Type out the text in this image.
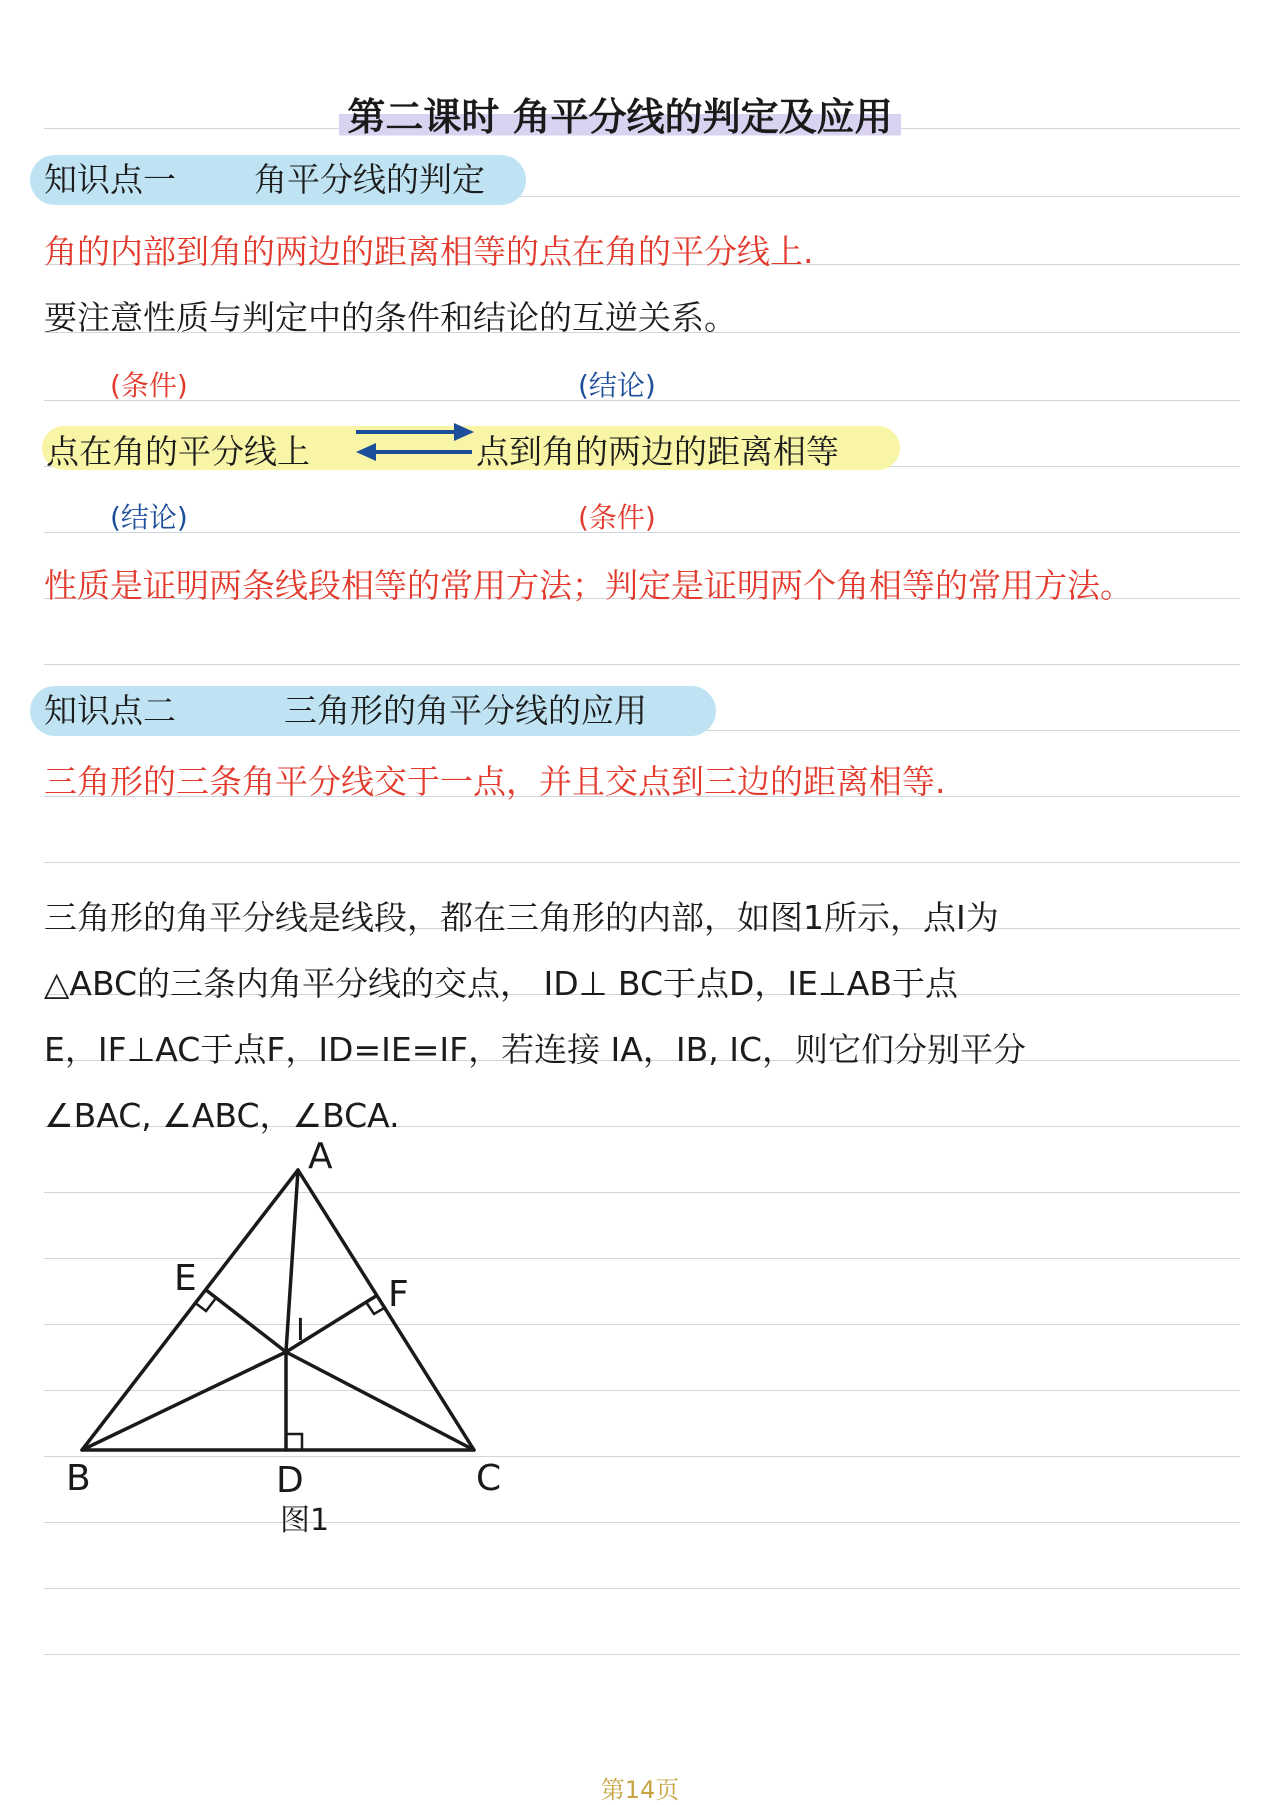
第二课时 角平分线的判定及应用
知识点一 角平分线的判定
角的内部到角的两边的距离相等的点在角的平分线上.
要注意性质与判定中的条件和结论的互逆关系。
(条件)	(结论)
点在角的平分线上	点到角的两边的距离相等
(结论)	(条件)
性质是证明两条线段相等的常用方法；判定是证明两个角相等的常用方法。
知识点二	三角形的角平分线的应用
三角形的三条角平分线交于一点，并且交点到三边的距离相等.
三角形的角平分线是线段，都在三角形的内部，如图1所示，点I为
△ABC的三条内角平分线的交点， ID⊥ BC于点D，IE⊥AB于点
E，IF⊥AC于点F，ID=IE=IF，若连接 IA，IB, IC，则它们分别平分
∠BAC, ∠ABC，∠BCA.
A
B	C
D
E	F
I
图1
第14页
